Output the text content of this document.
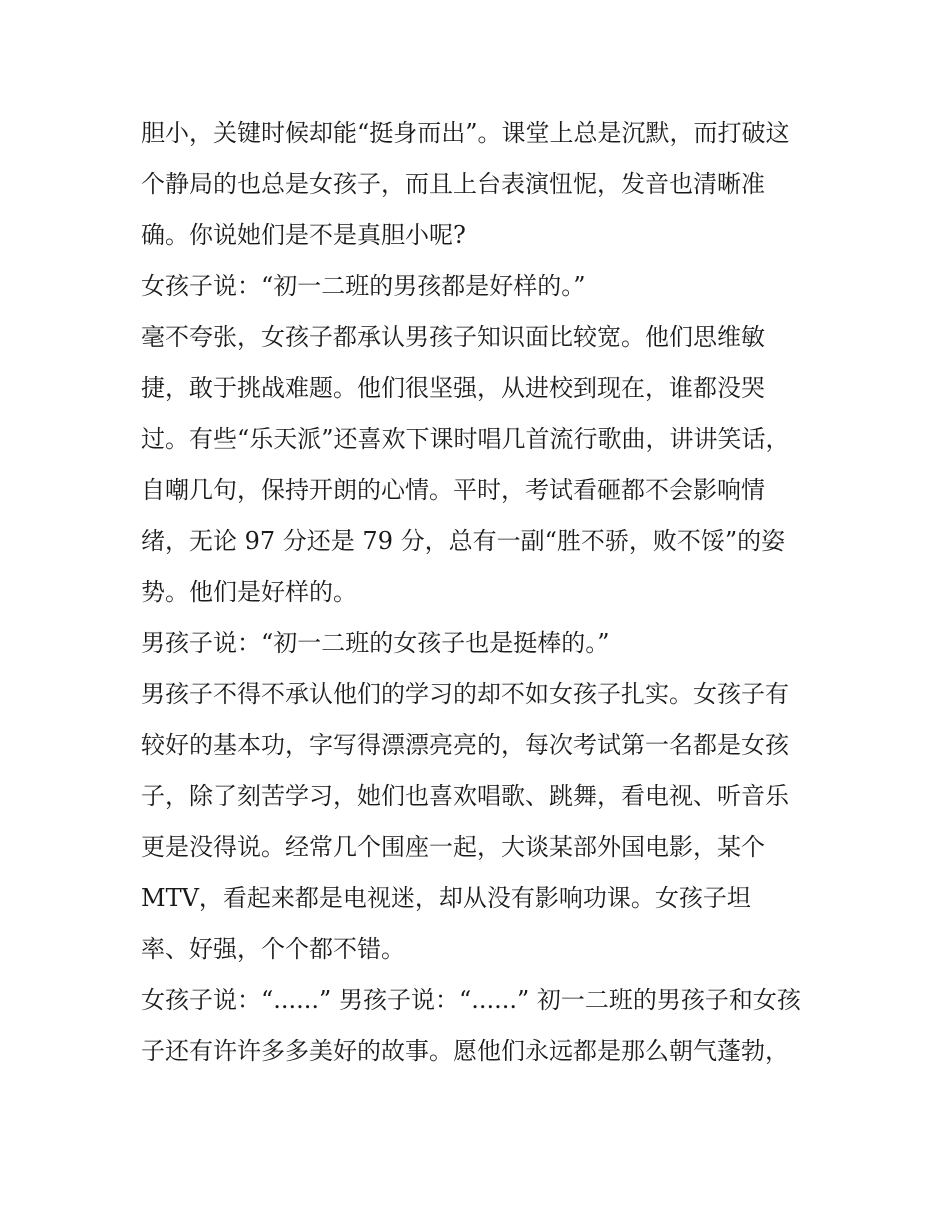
胆小，关键时候却能“挺身而出”。课堂上总是沉默，而打破这
个静局的也总是女孩子，而且上台表演忸怩，发音也清晰准
确。你说她们是不是真胆小呢?
女孩子说：“初一二班的男孩都是好样的。”
毫不夸张，女孩子都承认男孩子知识面比较宽。他们思维敏
捷，敢于挑战难题。他们很坚强，从进校到现在，谁都没哭
过。有些“乐天派”还喜欢下课时唱几首流行歌曲，讲讲笑话，
自嘲几句，保持开朗的心情。平时，考试看砸都不会影响情
绪，无论 97 分还是 79 分，总有一副“胜不骄，败不馁”的姿
势。他们是好样的。
男孩子说：“初一二班的女孩子也是挺棒的。”
男孩子不得不承认他们的学习的却不如女孩子扎实。女孩子有
较好的基本功，字写得漂漂亮亮的，每次考试第一名都是女孩
子，除了刻苦学习，她们也喜欢唱歌、跳舞，看电视、听音乐
更是没得说。经常几个围座一起，大谈某部外国电影，某个
MTV，看起来都是电视迷，却从没有影响功课。女孩子坦
率、好强，个个都不错。
女孩子说：“......” 男孩子说：“......” 初一二班的男孩子和女孩
子还有许许多多美好的故事。愿他们永远都是那么朝气蓬勃，
